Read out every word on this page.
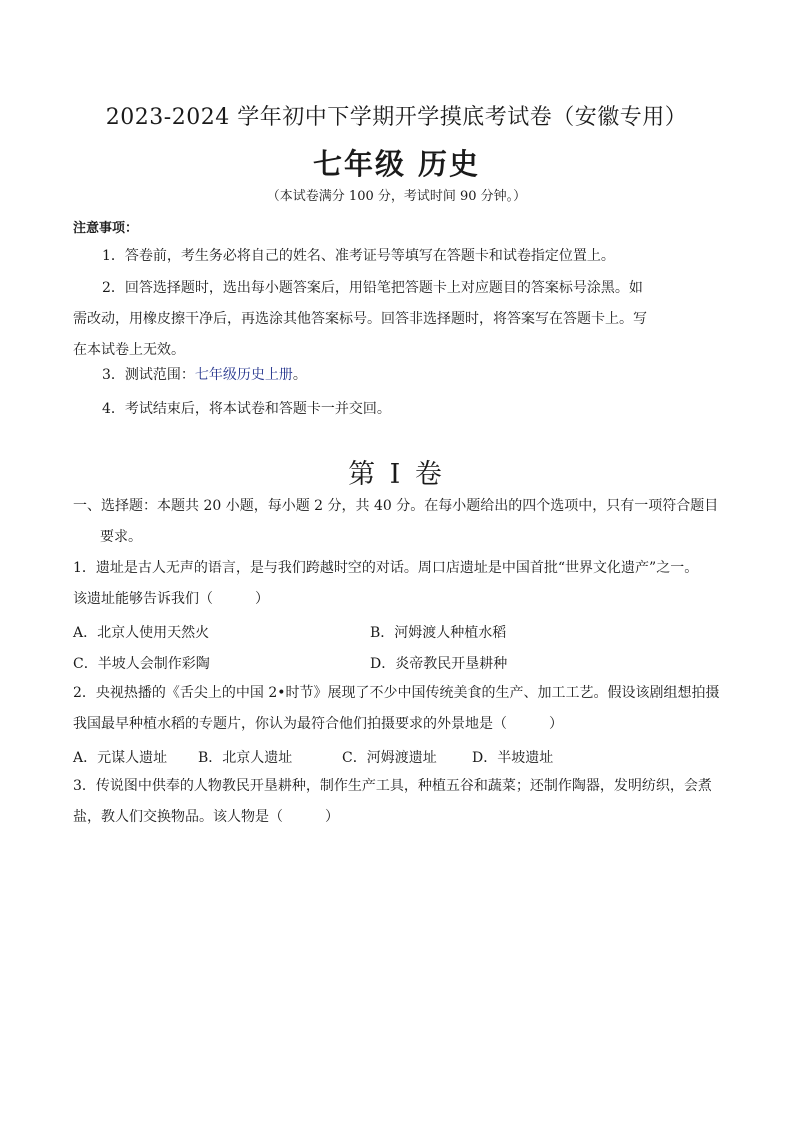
2023-2024 学年初中下学期开学摸底考试卷（安徽专用）
七年级 历史
（本试卷满分 100 分，考试时间 90 分钟。）
注意事项：
1．答卷前，考生务必将自己的姓名、准考证号等填写在答题卡和试卷指定位置上。
2．回答选择题时，选出每小题答案后，用铅笔把答题卡上对应题目的答案标号涂黑。如
需改动，用橡皮擦干净后，再选涂其他答案标号。回答非选择题时，将答案写在答题卡上。写
在本试卷上无效。
3．测试范围：七年级历史上册。
4．考试结束后，将本试卷和答题卡一并交回。
第 I 卷
一、选择题：本题共 20 小题，每小题 2 分，共 40 分。在每小题给出的四个选项中，只有一项符合题目
要求。
1．遗址是古人无声的语言，是与我们跨越时空的对话。周口店遗址是中国首批“世界文化遗产”之一。
该遗址能够告诉我们（　　　）
A．北京人使用天然火	B．河姆渡人种植水稻
C．半坡人会制作彩陶	D．炎帝教民开垦耕种
2．央视热播的《舌尖上的中国 2•时节》展现了不少中国传统美食的生产、加工工艺。假设该剧组想拍摄
我国最早种植水稻的专题片，你认为最符合他们拍摄要求的外景地是（　　　）
A．元谋人遗址 B．北京人遗址	C．河姆渡遗址	D．半坡遗址
3．传说图中供奉的人物教民开垦耕种，制作生产工具，种植五谷和蔬菜；还制作陶器，发明纺织，会煮
盐，教人们交换物品。该人物是（　　　）
